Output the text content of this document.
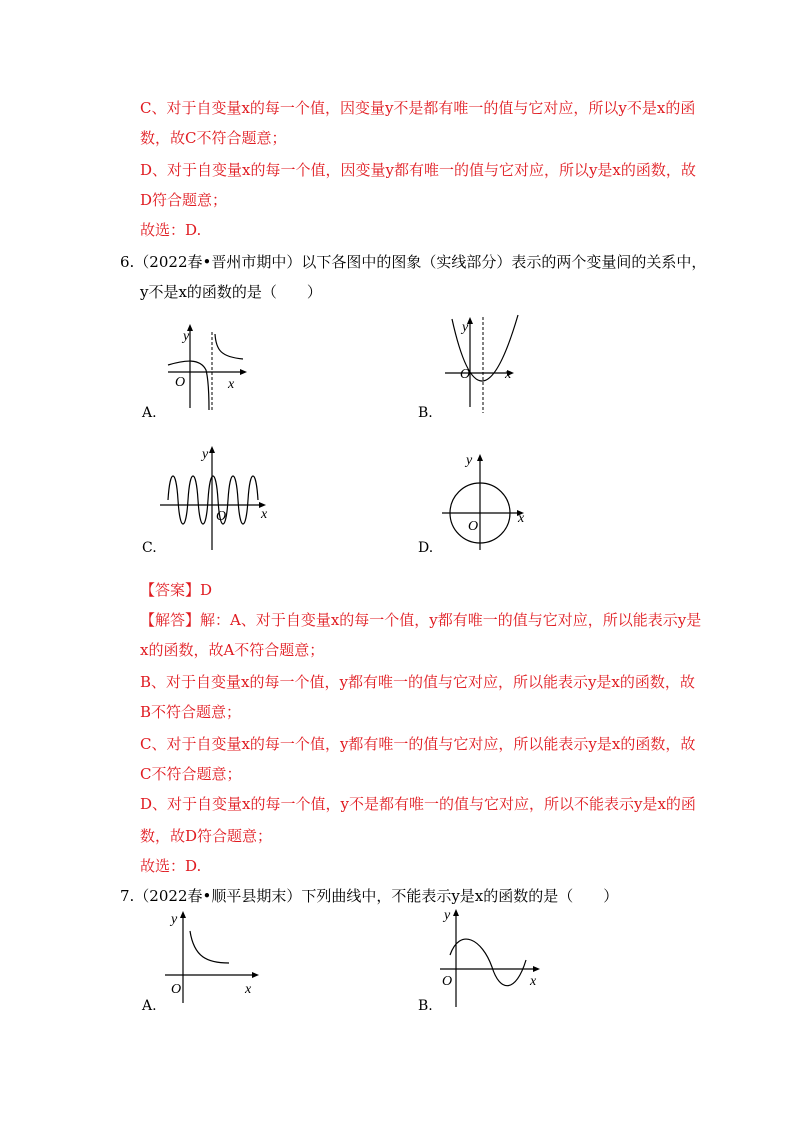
C、对于自变量x的每一个值，因变量y不是都有唯一的值与它对应，所以y不是x的函
数，故C不符合题意；
D、对于自变量x的每一个值，因变量y都有唯一的值与它对应，所以y是x的函数，故
D符合题意；
故选：D.
6.（2022春•晋州市期中）以下各图中的图象（实线部分）表示的两个变量间的关系中，
y不是x的函数的是（　　）
y
O	x
A.
y
O x
B.
y
O x
C.
y
O
x
D.
【答案】D
【解答】解：A、对于自变量x的每一个值，y都有唯一的值与它对应，所以能表示y是
x的函数，故A不符合题意；
B、对于自变量x的每一个值，y都有唯一的值与它对应，所以能表示y是x的函数，故
B不符合题意；
C、对于自变量x的每一个值，y都有唯一的值与它对应，所以能表示y是x的函数，故
C不符合题意；
D、对于自变量x的每一个值，y不是都有唯一的值与它对应，所以不能表示y是x的函
数，故D符合题意；
故选：D.
7.（2022春•顺平县期末）下列曲线中，不能表示y是x的函数的是（　　）
y
O	x
A.
y
O	x
B.
